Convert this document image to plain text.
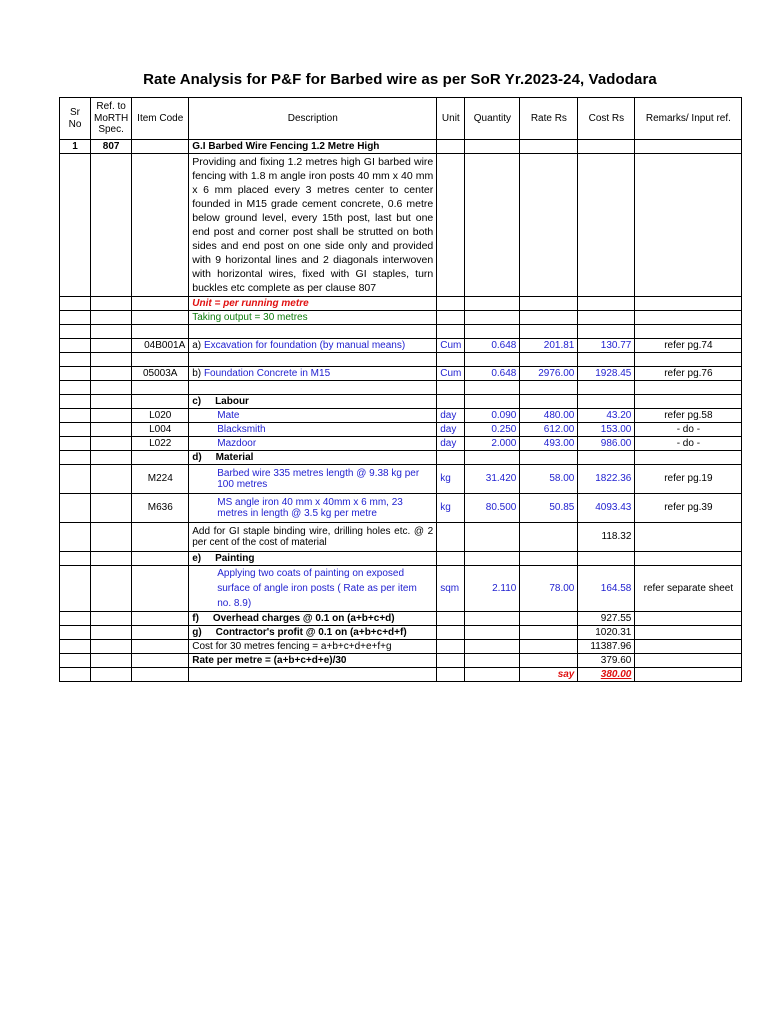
Rate Analysis for P&F for Barbed wire as per SoR Yr.2023-24, Vadodara
Sr No	Ref. to MoRTH Spec.	Item Code	Description	Unit	Quantity	Rate Rs	Cost Rs	Remarks/ Input ref.
1	807		G.I Barbed Wire Fencing 1.2 Metre High					
			Providing and fixing 1.2 metres high GI barbed wire fencing with 1.8 m angle iron posts 40 mm x 40 mm x 6 mm placed every 3 metres center to center founded in M15 grade cement concrete, 0.6 metre below ground level, every 15th post, last but one end post and corner post shall be strutted on both sides and end post on one side only and provided with 9 horizontal lines and 2 diagonals interwoven with horizontal wires, fixed with GI staples, turn buckles etc complete as per clause 807					
			Unit = per running metre					
			Taking output = 30 metres					

		04B001A	a) Excavation for foundation (by manual means)	Cum	0.648	201.81	130.77	refer pg.74

		05003A	b) Foundation Concrete in M15	Cum	0.648	2976.00	1928.45	refer pg.76

			c) Labour					
		L020	Mate	day	0.090	480.00	43.20	refer pg.58
		L004	Blacksmith	day	0.250	612.00	153.00	- do -
		L022	Mazdoor	day	2.000	493.00	986.00	- do -
			d) Material					
		M224	Barbed wire 335 metres length @ 9.38 kg per 100 metres	kg	31.420	58.00	1822.36	refer pg.19
		M636	MS angle iron 40 mm x 40mm x 6 mm, 23 metres in length @ 3.5 kg per metre	kg	80.500	50.85	4093.43	refer pg.39
			Add for GI staple binding wire, drilling holes etc. @ 2 per cent of the cost of material				118.32	
			e) Painting					
			Applying two coats of painting on exposed surface of angle iron posts ( Rate as per item no. 8.9)	sqm	2.110	78.00	164.58	refer separate sheet
			f) Overhead charges @ 0.1 on (a+b+c+d)				927.55	
			g) Contractor's profit @ 0.1 on (a+b+c+d+f)				1020.31	
			Cost for 30 metres fencing = a+b+c+d+e+f+g				11387.96	
			Rate per metre = (a+b+c+d+e)/30				379.60	
						say	380.00	
